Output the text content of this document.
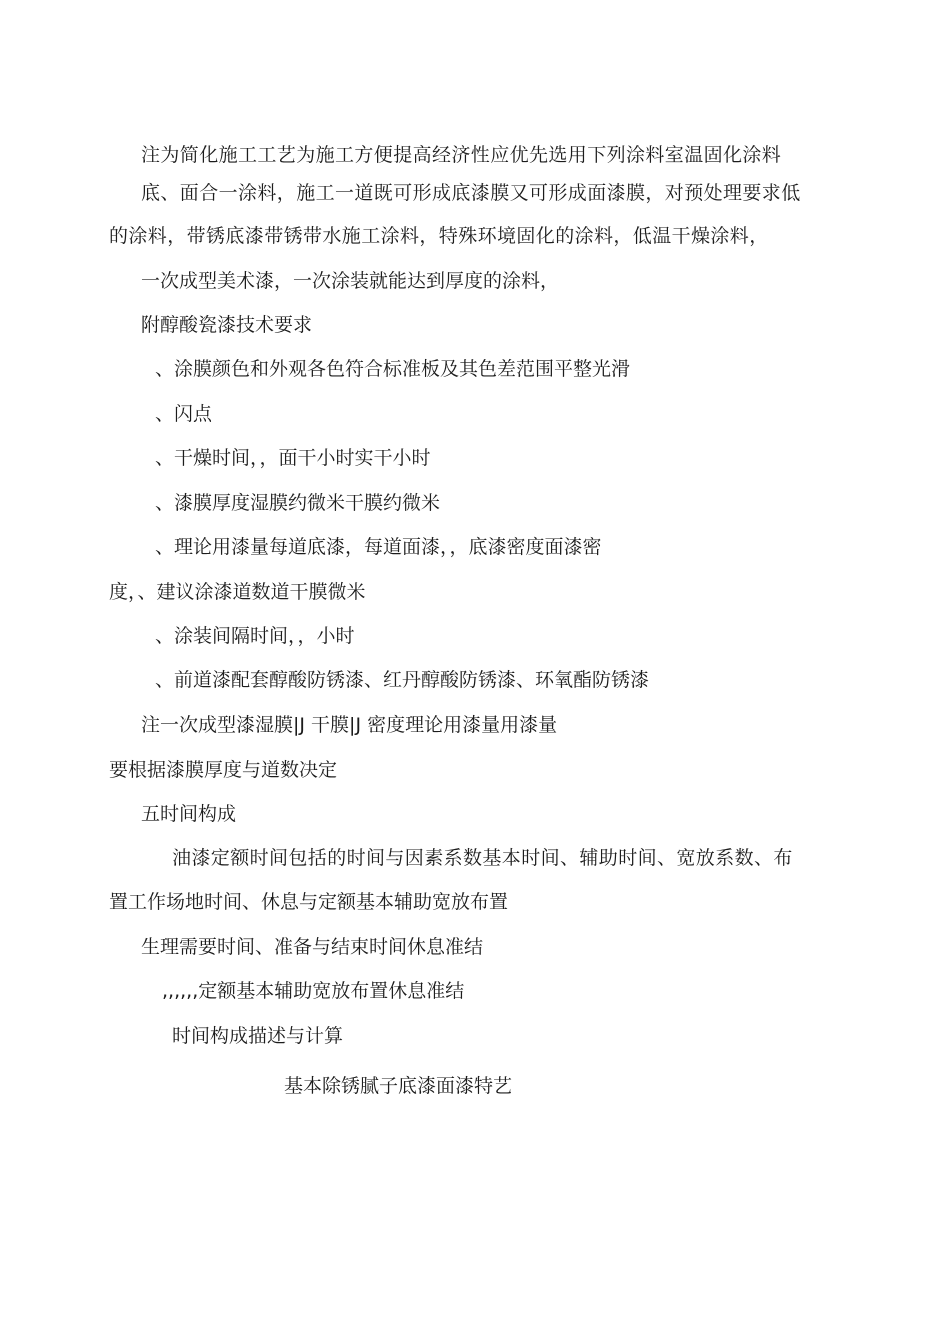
注为简化施工工艺为施工方便提高经济性应优先选用下列涂料室温固化涂料
底、面合一涂料，施工一道既可形成底漆膜又可形成面漆膜，对预处理要求低
的涂料，带锈底漆带锈带水施工涂料，特殊环境固化的涂料，低温干燥涂料，
一次成型美术漆，一次涂装就能达到厚度的涂料，
附醇酸瓷漆技术要求
、涂膜颜色和外观各色符合标准板及其色差范围平整光滑
、闪点
、干燥时间，，面干小时实干小时
、漆膜厚度湿膜约微米干膜约微米
、理论用漆量每道底漆，每道面漆，，底漆密度面漆密
度，、建议涂漆道数道干膜微米
、涂装间隔时间，，小时
、前道漆配套醇酸防锈漆、红丹醇酸防锈漆、环氧酯防锈漆
注一次成型漆湿膜|J 干膜|J 密度理论用漆量用漆量
要根据漆膜厚度与道数决定
五时间构成
油漆定额时间包括的时间与因素系数基本时间、辅助时间、宽放系数、布
置工作场地时间、休息与定额基本辅助宽放布置
生理需要时间、准备与结束时间休息准结
,,,,,,定额基本辅助宽放布置休息准结
时间构成描述与计算
基本除锈腻子底漆面漆特艺
